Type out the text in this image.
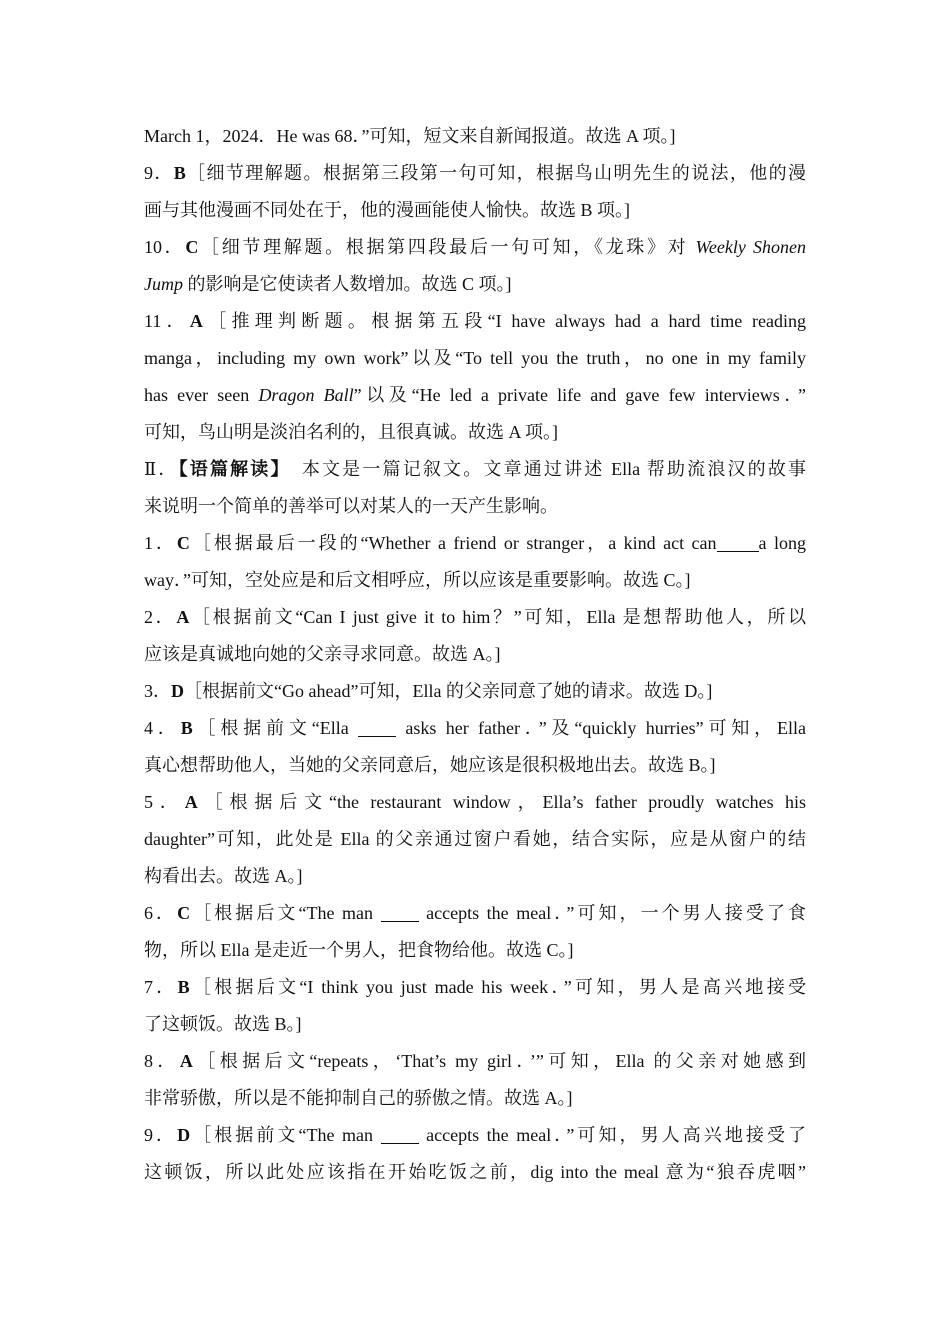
March 1，2024．He was 68．”可知，短文来自新闻报道。故选 A 项。]
9．B［细节理解题。根据第三段第一句可知，根据鸟山明先生的说法，他的漫
画与其他漫画不同处在于，他的漫画能使人愉快。故选 B 项。]
10．C［细节理解题。根据第四段最后一句可知，《龙珠》对 Weekly Shonen
Jump 的影响是它使读者人数增加。故选 C 项。]
11．A［推理判断题。根据第五段“I have always had a hard time reading
manga，including my own work”以及“To tell you the truth，no one in my family
has ever seen Dragon Ball”以及“He led a private life and gave few interviews．”
可知，鸟山明是淡泊名利的，且很真诚。故选 A 项。]
Ⅱ．【语篇解读】　本文是一篇记叙文。文章通过讲述 Ella 帮助流浪汉的故事
来说明一个简单的善举可以对某人的一天产生影响。
1．C［根据最后一段的“Whether a friend or stranger，a kind act can a long
way．”可知，空处应是和后文相呼应，所以应该是重要影响。故选 C。]
2．A［根据前文“Can I just give it to him？”可知，Ella 是想帮助他人，所以
应该是真诚地向她的父亲寻求同意。故选 A。]
3．D［根据前文“Go ahead”可知，Ella 的父亲同意了她的请求。故选 D。]
4．B［根据前文“Ella  asks her father．”及“quickly hurries”可知，Ella
真心想帮助他人，当她的父亲同意后，她应该是很积极地出去。故选 B。]
5．A［根据后文“the restaurant window，Ella’s father proudly watches his
daughter”可知，此处是 Ella 的父亲通过窗户看她，结合实际，应是从窗户的结
构看出去。故选 A。]
6．C［根据后文“The man  accepts the meal．”可知，一个男人接受了食
物，所以 Ella 是走近一个男人，把食物给他。故选 C。]
7．B［根据后文“I think you just made his week．”可知，男人是高兴地接受
了这顿饭。故选 B。]
8．A［根据后文“repeats，‘That’s my girl．’”可知，Ella 的父亲对她感到
非常骄傲，所以是不能抑制自己的骄傲之情。故选 A。]
9．D［根据前文“The man  accepts the meal．”可知，男人高兴地接受了
这顿饭，所以此处应该指在开始吃饭之前，dig into the meal 意为“狼吞虎咽”
